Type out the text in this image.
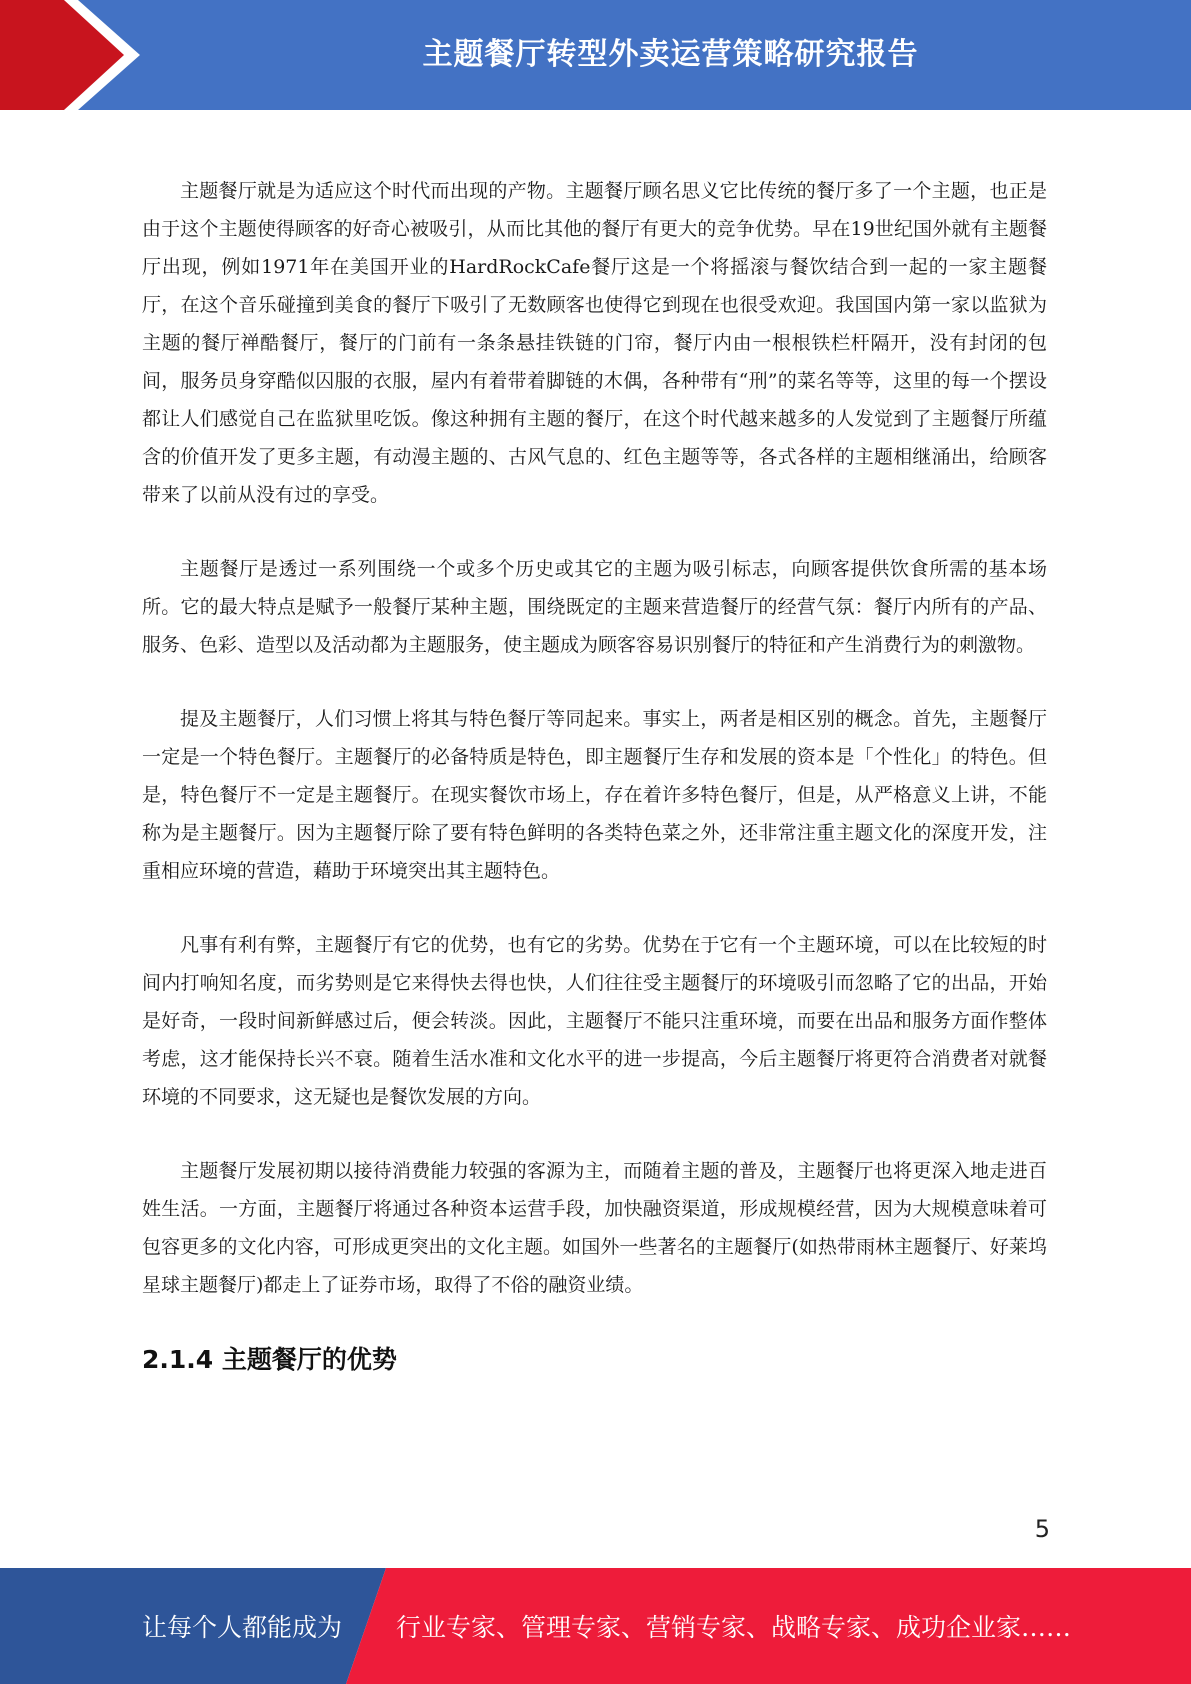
主题餐厅转型外卖运营策略研究报告

主题餐厅就是为适应这个时代而出现的产物。主题餐厅顾名思义它比传统的餐厅多了一个主题，也正是由于这个主题使得顾客的好奇心被吸引，从而比其他的餐厅有更大的竞争优势。早在19世纪国外就有主题餐厅出现，例如1971年在美国开业的HardRockCafe餐厅这是一个将摇滚与餐饮结合到一起的一家主题餐厅，在这个音乐碰撞到美食的餐厅下吸引了无数顾客也使得它到现在也很受欢迎。我国国内第一家以监狱为主题的餐厅禅酷餐厅，餐厅的门前有一条条悬挂铁链的门帘，餐厅内由一根根铁栏杆隔开，没有封闭的包间，服务员身穿酷似囚服的衣服，屋内有着带着脚链的木偶，各种带有“刑”的菜名等等，这里的每一个摆设都让人们感觉自己在监狱里吃饭。像这种拥有主题的餐厅，在这个时代越来越多的人发觉到了主题餐厅所蕴含的价值开发了更多主题，有动漫主题的、古风气息的、红色主题等等，各式各样的主题相继涌出，给顾客带来了以前从没有过的享受。

主题餐厅是透过一系列围绕一个或多个历史或其它的主题为吸引标志，向顾客提供饮食所需的基本场所。它的最大特点是赋予一般餐厅某种主题，围绕既定的主题来营造餐厅的经营气氛：餐厅内所有的产品、服务、色彩、造型以及活动都为主题服务，使主题成为顾客容易识别餐厅的特征和产生消费行为的刺激物。

提及主题餐厅，人们习惯上将其与特色餐厅等同起来。事实上，两者是相区别的概念。首先，主题餐厅一定是一个特色餐厅。主题餐厅的必备特质是特色，即主题餐厅生存和发展的资本是「个性化」的特色。但是，特色餐厅不一定是主题餐厅。在现实餐饮市场上，存在着许多特色餐厅，但是，从严格意义上讲，不能称为是主题餐厅。因为主题餐厅除了要有特色鲜明的各类特色菜之外，还非常注重主题文化的深度开发，注重相应环境的营造，藉助于环境突出其主题特色。

凡事有利有弊，主题餐厅有它的优势，也有它的劣势。优势在于它有一个主题环境，可以在比较短的时间内打响知名度，而劣势则是它来得快去得也快，人们往往受主题餐厅的环境吸引而忽略了它的出品，开始是好奇，一段时间新鲜感过后，便会转淡。因此，主题餐厅不能只注重环境，而要在出品和服务方面作整体考虑，这才能保持长兴不衰。随着生活水准和文化水平的进一步提高，今后主题餐厅将更符合消费者对就餐环境的不同要求，这无疑也是餐饮发展的方向。

主题餐厅发展初期以接待消费能力较强的客源为主，而随着主题的普及，主题餐厅也将更深入地走进百姓生活。一方面，主题餐厅将通过各种资本运营手段，加快融资渠道，形成规模经营，因为大规模意味着可包容更多的文化内容，可形成更突出的文化主题。如国外一些著名的主题餐厅(如热带雨林主题餐厅、好莱坞星球主题餐厅)都走上了证券市场，取得了不俗的融资业绩。

2.1.4 主题餐厅的优势
5
让每个人都能成为 行业专家、管理专家、营销专家、战略专家、成功企业家……
